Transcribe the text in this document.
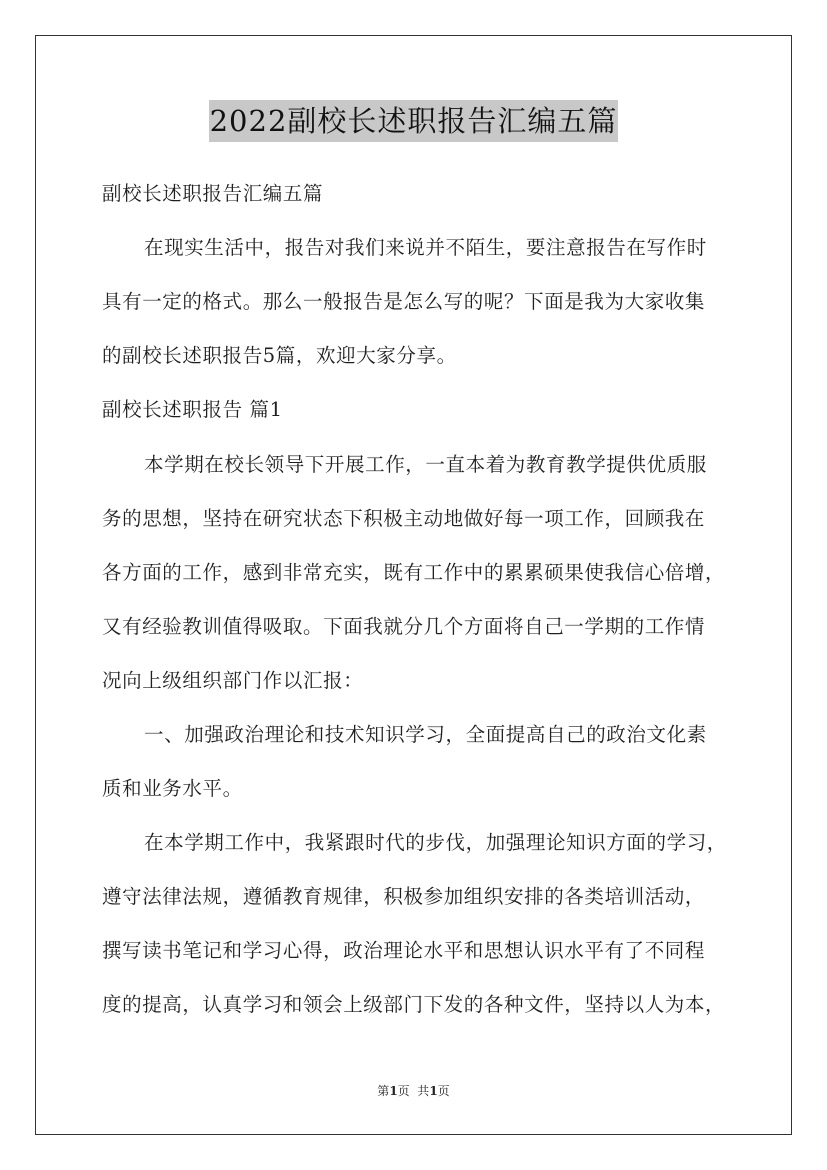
2022副校长述职报告汇编五篇
副校长述职报告汇编五篇
在现实生活中，报告对我们来说并不陌生，要注意报告在写作时
具有一定的格式。那么一般报告是怎么写的呢？下面是我为大家收集
的副校长述职报告5篇，欢迎大家分享。
副校长述职报告 篇1
本学期在校长领导下开展工作，一直本着为教育教学提供优质服
务的思想，坚持在研究状态下积极主动地做好每一项工作，回顾我在
各方面的工作，感到非常充实，既有工作中的累累硕果使我信心倍增，
又有经验教训值得吸取。下面我就分几个方面将自己一学期的工作情
况向上级组织部门作以汇报：
一、加强政治理论和技术知识学习，全面提高自己的政治文化素
质和业务水平。
在本学期工作中，我紧跟时代的步伐，加强理论知识方面的学习，
遵守法律法规，遵循教育规律，积极参加组织安排的各类培训活动，
撰写读书笔记和学习心得，政治理论水平和思想认识水平有了不同程
度的提高，认真学习和领会上级部门下发的各种文件，坚持以人为本，
第1页  共1页
